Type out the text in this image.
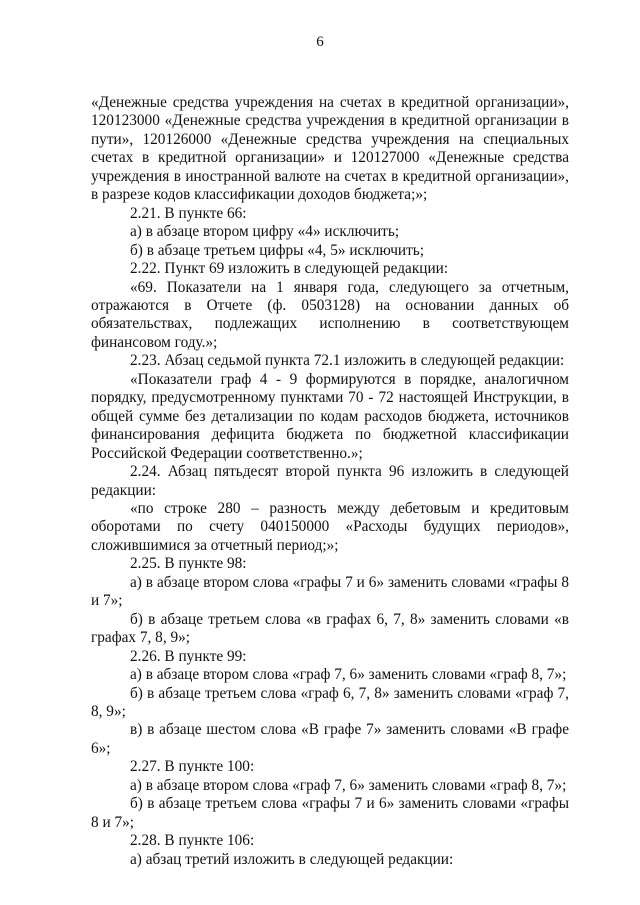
6

«Денежные средства учреждения на счетах в кредитной организации», 120123000 «Денежные средства учреждения в кредитной организации в пути», 120126000 «Денежные средства учреждения на специальных счетах в кредитной организации» и 120127000 «Денежные средства учреждения в иностранной валюте на счетах в кредитной организации», в разрезе кодов классификации доходов бюджета;»;

2.21. В пункте 66:

а) в абзаце втором цифру «4» исключить;

б) в абзаце третьем цифры «4, 5» исключить;

2.22. Пункт 69 изложить в следующей редакции:

«69. Показатели на 1 января года, следующего за отчетным, отражаются в Отчете (ф. 0503128) на основании данных об обязательствах, подлежащих исполнению в соответствующем финансовом году.»;

2.23. Абзац седьмой пункта 72.1 изложить в следующей редакции:

«Показатели граф 4 - 9 формируются в порядке, аналогичном порядку, предусмотренному пунктами 70 - 72 настоящей Инструкции, в общей сумме без детализации по кодам расходов бюджета, источников финансирования дефицита бюджета по бюджетной классификации Российской Федерации соответственно.»;

2.24. Абзац пятьдесят второй пункта 96 изложить в следующей редакции:

«по строке 280 – разность между дебетовым и кредитовым оборотами по счету 040150000 «Расходы будущих периодов», сложившимися за отчетный период;»;

2.25. В пункте 98:

а) в абзаце втором слова «графы 7 и 6» заменить словами «графы 8 и 7»;

б) в абзаце третьем слова «в графах 6, 7, 8» заменить словами «в графах 7, 8, 9»;

2.26. В пункте 99:

а) в абзаце втором слова «граф 7, 6» заменить словами «граф 8, 7»;

б) в абзаце третьем слова «граф 6, 7, 8» заменить словами «граф 7, 8, 9»;

в) в абзаце шестом слова «В графе 7» заменить словами «В графе 6»;

2.27. В пункте 100:

а) в абзаце втором слова «граф 7, 6» заменить словами «граф 8, 7»;

б) в абзаце третьем слова «графы 7 и 6» заменить словами «графы 8 и 7»;

2.28. В пункте 106:

а) абзац третий изложить в следующей редакции:
